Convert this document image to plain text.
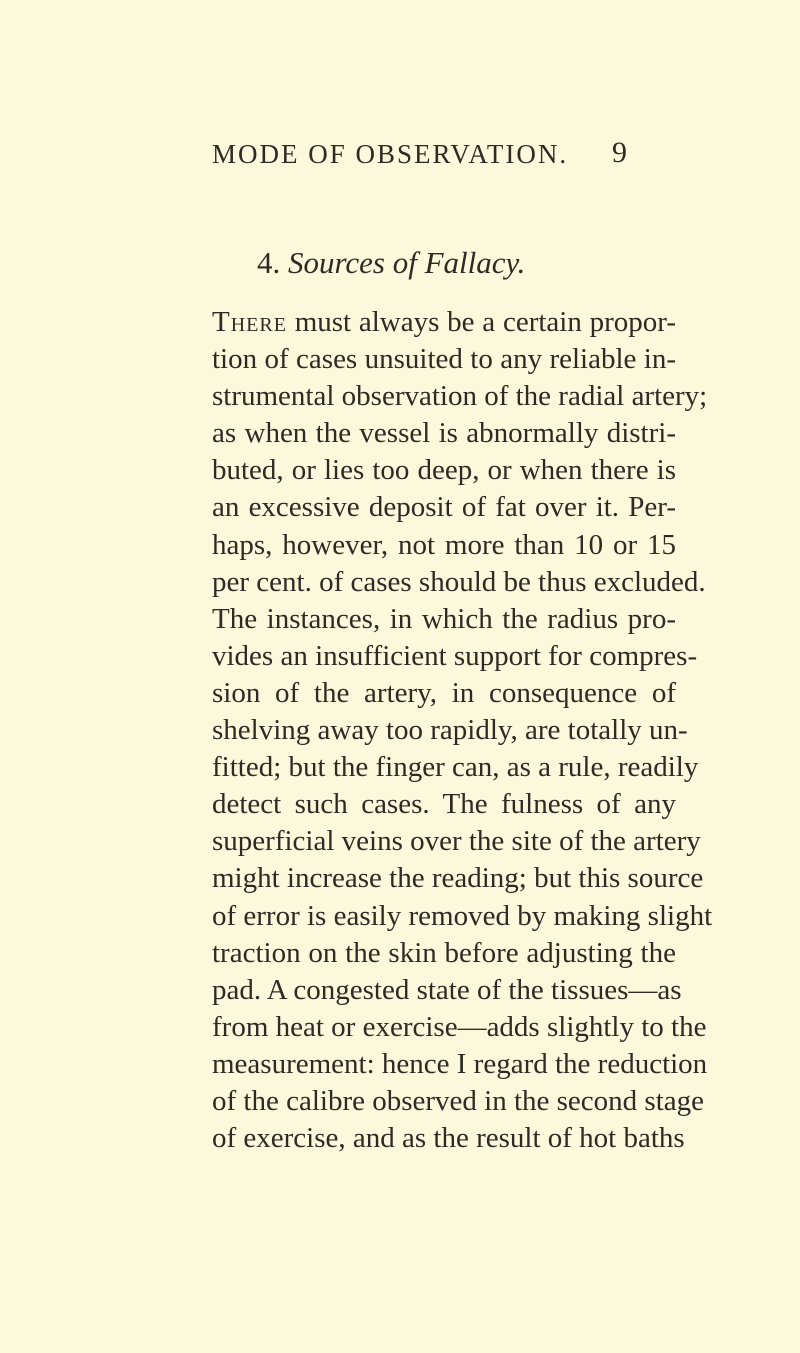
MODE OF OBSERVATION.	9
4. Sources of Fallacy.
There must always be a certain propor-
tion of cases unsuited to any reliable in-
strumental observation of the radial artery;
as when the vessel is abnormally distri-
buted, or lies too deep, or when there is
an excessive deposit of fat over it. Per-
haps, however, not more than 10 or 15
per cent. of cases should be thus excluded.
The instances, in which the radius pro-
vides an insufficient support for compres-
sion of the artery, in consequence of
shelving away too rapidly, are totally un-
fitted; but the finger can, as a rule, readily
detect such cases. The fulness of any
superficial veins over the site of the artery
might increase the reading; but this source
of error is easily removed by making slight
traction on the skin before adjusting the
pad. A congested state of the tissues—as
from heat or exercise—adds slightly to the
measurement: hence I regard the reduction
of the calibre observed in the second stage
of exercise, and as the result of hot baths
